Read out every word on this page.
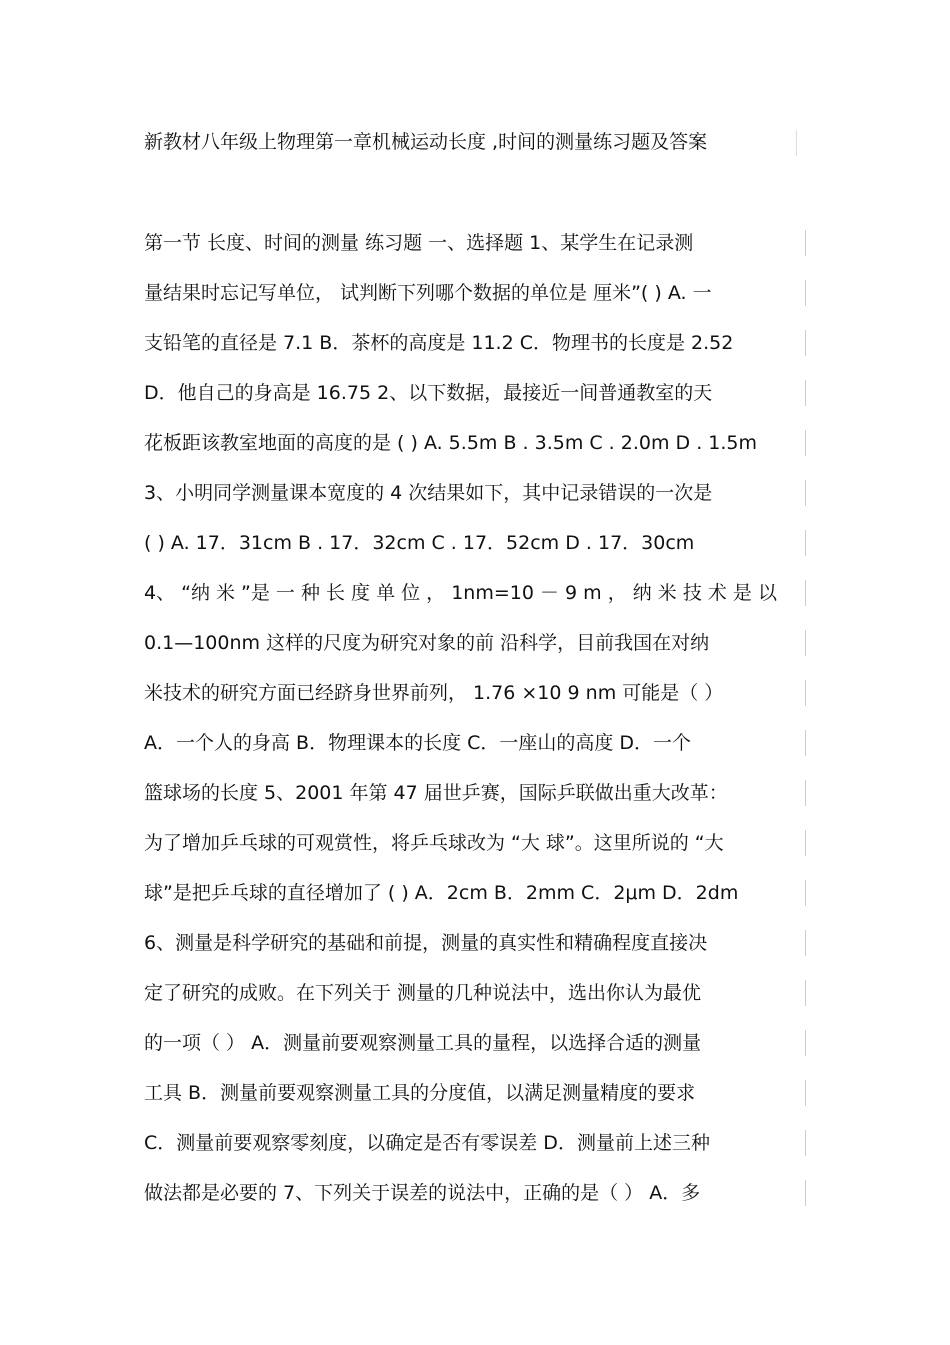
新教材八年级上物理第一章机械运动长度 ,时间的测量练习题及答案
第一节 长度、时间的测量 练习题 一、选择题 1、某学生在记录测
量结果时忘记写单位， 试判断下列哪个数据的单位是 厘米”( ) A. 一
支铅笔的直径是 7.1 B．茶杯的高度是 11.2 C．物理书的长度是 2.52
D．他自己的身高是 16.75 2、以下数据，最接近一间普通教室的天
花板距该教室地面的高度的是 ( ) A. 5.5m B . 3.5m C . 2.0m D . 1.5m
3、小明同学测量课本宽度的 4 次结果如下，其中记录错误的一次是
( ) A. 17．31cm B . 17．32cm C . 17．52cm D . 17．30cm
4、 “纳 米 ”是 一 种 长 度 单 位 ， 1nm=10 － 9 m ， 纳 米 技 术 是 以
0.1—100nm 这样的尺度为研究对象的前 沿科学，目前我国在对纳
米技术的研究方面已经跻身世界前列， 1.76 ×10 9 nm 可能是（ ）
A．一个人的身高 B．物理课本的长度 C．一座山的高度 D．一个
篮球场的长度 5、2001 年第 47 届世乒赛，国际乒联做出重大改革：
为了增加乒乓球的可观赏性，将乒乓球改为 “大 球”。这里所说的 “大
球”是把乒乓球的直径增加了 ( ) A．2cm B．2mm C．2μm D．2dm
6、测量是科学研究的基础和前提，测量的真实性和精确程度直接决
定了研究的成败。在下列关于 测量的几种说法中，选出你认为最优
的一项（ ） A．测量前要观察测量工具的量程，以选择合适的测量
工具 B．测量前要观察测量工具的分度值，以满足测量精度的要求
C．测量前要观察零刻度，以确定是否有零误差 D．测量前上述三种
做法都是必要的 7、下列关于误差的说法中，正确的是（ ） A．多
